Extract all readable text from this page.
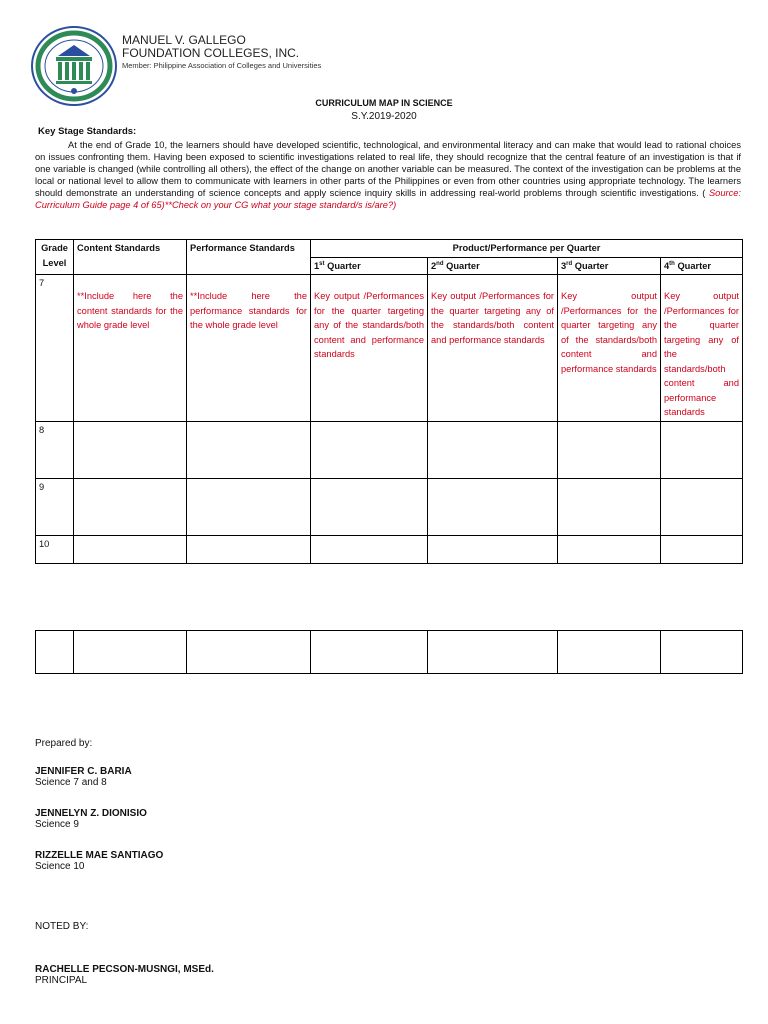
MANUEL V. GALLEGO
FOUNDATION COLLEGES, INC.
Member: Philippine Association of Colleges and Universities
CURRICULUM MAP IN SCIENCE
S.Y.2019-2020
Key Stage Standards:
At the end of Grade 10, the learners should have developed scientific, technological, and environmental literacy and can make that would lead to rational choices on issues confronting them. Having been exposed to scientific investigations related to real life, they should recognize that the central feature of an investigation is that if one variable is changed (while controlling all others), the effect of the change on another variable can be measured. The context of the investigation can be problems at the local or national level to allow them to communicate with learners in other parts of the Philippines or even from other countries using appropriate technology. The learners should demonstrate an understanding of science concepts and apply science inquiry skills in addressing real-world problems through scientific investigations. ( Source: Curriculum Guide page 4 of 65)**Check on your CG what your stage standard/s is/are?)
Grade Level	Content Standards	Performance Standards	Product/Performance per Quarter			
			1st Quarter	2nd Quarter	3rd Quarter	4th Quarter
7	**Include here the content standards for the whole grade level	**Include here the performance standards for the whole grade level	Key output /Performances for the quarter targeting any of the standards/both content and performance standards	Key output /Performances for the quarter targeting any of the standards/both content and performance standards	Key output /Performances for the quarter targeting any of the standards/both content and performance standards	Key output /Performances for the quarter targeting any of the standards/both content and performance standards
8						
9						
10						

Prepared by:
JENNIFER C. BARIA
Science 7 and 8
JENNELYN Z. DIONISIO
Science 9
RIZZELLE MAE SANTIAGO
Science 10
NOTED BY:
RACHELLE PECSON-MUSNGI, MSEd.
PRINCIPAL
